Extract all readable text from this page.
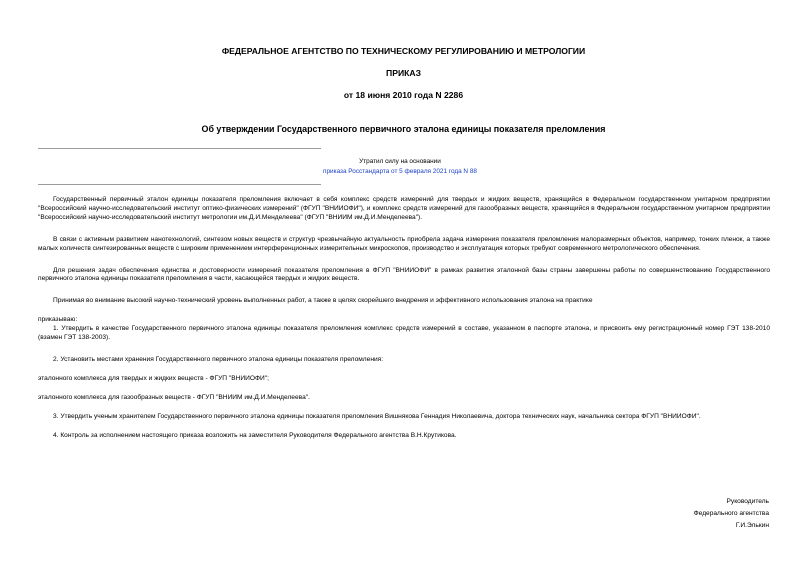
ФЕДЕРАЛЬНОЕ АГЕНТСТВО ПО ТЕХНИЧЕСКОМУ РЕГУЛИРОВАНИЮ И МЕТРОЛОГИИ
ПРИКАЗ
от 18 июня 2010 года N 2286
Об утверждении Государственного первичного эталона единицы показателя преломления
Утратил силу на основании
приказа Росстандарта от 5 февраля 2021 года N 88

Государственный первичный эталон единицы показателя преломления включает в себя комплекс средств измерений для твердых и жидких веществ, хранящийся в Федеральном государственном унитарном предприятии "Всероссийский научно-исследовательский институт оптико-физических измерений" (ФГУП "ВНИИОФИ"), и комплекс средств измерений для газообразных веществ, хранящийся в Федеральном государственном унитарном предприятии "Всероссийский научно-исследовательский институт метрологии им.Д.И.Менделеева" (ФГУП "ВНИИМ им.Д.И.Менделеева").

В связи с активным развитием нанотехнологий, синтезом новых веществ и структур чрезвычайную актуальность приобрела задача измерения показателя преломления малоразмерных объектов, например, тонких пленок, а также малых количеств синтезированных веществ с широким применением интерференционных измерительных микроскопов, производство и эксплуатация которых требуют современного метрологического обеспечения.

Для решения задач обеспечения единства и достоверности измерений показателя преломления в ФГУП "ВНИИОФИ" в рамках развития эталонной базы страны завершены работы по совершенствованию Государственного первичного эталона единицы показателя преломления в части, касающейся твердых и жидких веществ.

Принимая во внимание высокий научно-технический уровень выполненных работ, а также в целях скорейшего внедрения и эффективного использования эталона на практике

приказываю:

1. Утвердить в качестве Государственного первичного эталона единицы показателя преломления комплекс средств измерений в составе, указанном в паспорте эталона, и присвоить ему регистрационный номер ГЭТ 138-2010 (взамен ГЭТ 138-2003).

2. Установить местами хранения Государственного первичного эталона единицы показателя преломления:

эталонного комплекса для твердых и жидких веществ - ФГУП "ВНИИОФИ";

эталонного комплекса для газообразных веществ - ФГУП "ВНИИМ им.Д.И.Менделеева".

3. Утвердить ученым хранителем Государственного первичного эталона единицы показателя преломления Вишнякова Геннадия Николаевича, доктора технических наук, начальника сектора ФГУП "ВНИИОФИ".

4. Контроль за исполнением настоящего приказа возложить на заместителя Руководителя Федерального агентства В.Н.Крутикова.

Руководитель
Федерального агентства
Г.И.Элькин
